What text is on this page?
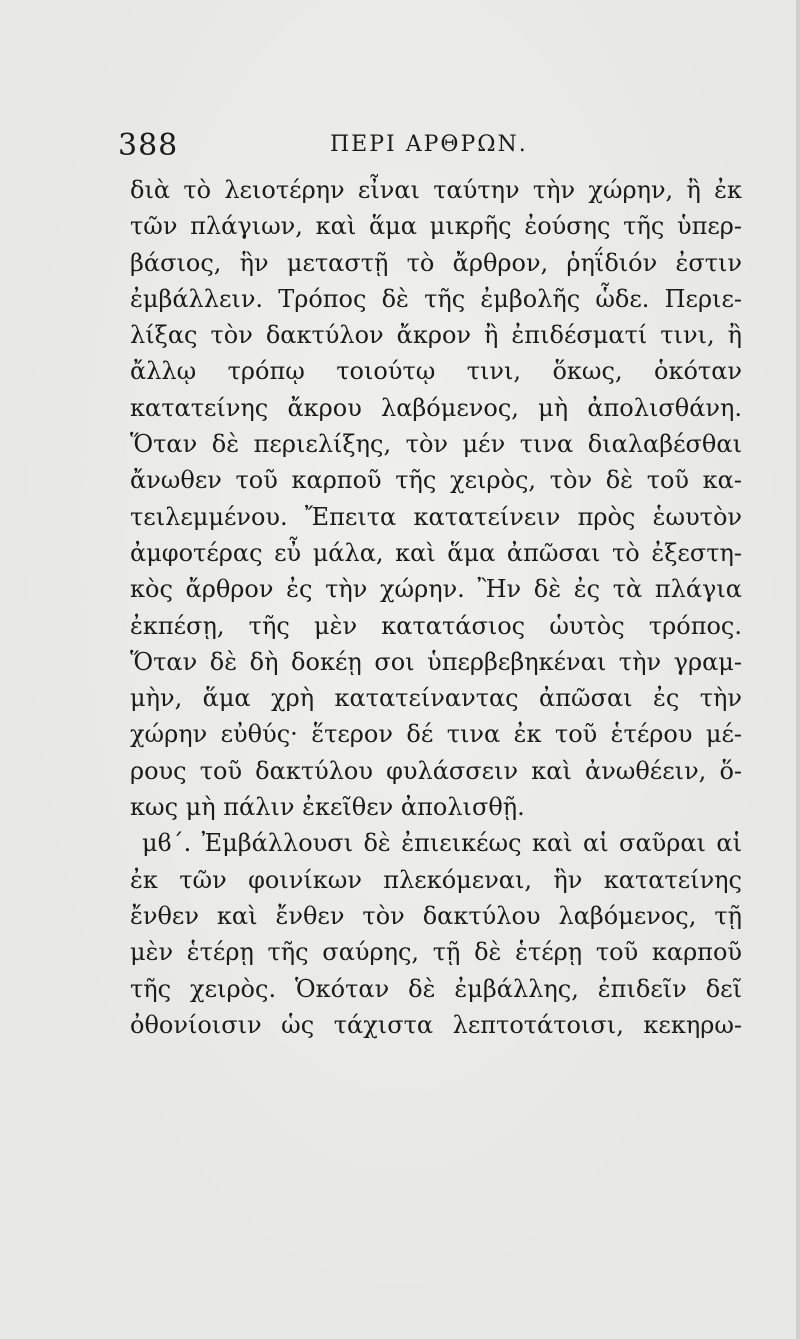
388	ΠΕΡΙ ΑΡΘΡΩΝ.
διὰ τὸ λειοτέρην εἶναι ταύτην τὴν χώρην, ἢ ἐκ
τῶν πλάγιων, καὶ ἅμα μικρῆς ἐούσης τῆς ὑπερ-
βάσιος, ἣν μεταστῇ τὸ ἄρθρον, ῥηΐδιόν ἐστιν
ἐμβάλλειν. Τρόπος δὲ τῆς ἐμβολῆς ὧδε. Περιε-
λίξας τὸν δακτύλον ἄκρον ἢ ἐπιδέσματί τινι, ἢ
ἄλλῳ τρόπῳ τοιούτῳ τινι, ὅκως, ὁκόταν
κατατείνης ἄκρου λαβόμενος, μὴ ἀπολισθάνη.
Ὅταν δὲ περιελίξης, τὸν μέν τινα διαλαβέσθαι
ἄνωθεν τοῦ καρποῦ τῆς χειρὸς, τὸν δὲ τοῦ κα-
τειλεμμένου. Ἔπειτα κατατείνειν πρὸς ἑωυτὸν
ἀμφοτέρας εὖ μάλα, καὶ ἅμα ἀπῶσαι τὸ ἐξεστη-
κὸς ἄρθρον ἐς τὴν χώρην. Ἢν δὲ ἐς τὰ πλάγια
ἐκπέσῃ, τῆς μὲν κατατάσιος ὡυτὸς τρόπος.
Ὅταν δὲ δὴ δοκέῃ σοι ὑπερβεβηκέναι τὴν γραμ-
μὴν, ἅμα χρὴ κατατείναντας ἀπῶσαι ἐς τὴν
χώρην εὐθύς· ἕτερον δέ τινα ἐκ τοῦ ἑτέρου μέ-
ρους τοῦ δακτύλου φυλάσσειν καὶ ἀνωθέειν, ὅ-
κως μὴ πάλιν ἐκεῖθεν ἀπολισθῇ.
μϐ΄. Ἐμβάλλουσι δὲ ἐπιεικέως καὶ αἱ σαῦραι αἱ
ἐκ τῶν φοινίκων πλεκόμεναι, ἣν κατατείνης
ἔνθεν καὶ ἔνθεν τὸν δακτύλου λαβόμενος, τῇ
μὲν ἑτέρῃ τῆς σαύρης, τῇ δὲ ἑτέρῃ τοῦ καρποῦ
τῆς χειρὸς. Ὁκόταν δὲ ἐμβάλλης, ἐπιδεῖν δεῖ
ὀθονίοισιν ὡς τάχιστα λεπτοτάτοισι, κεκηρω-
